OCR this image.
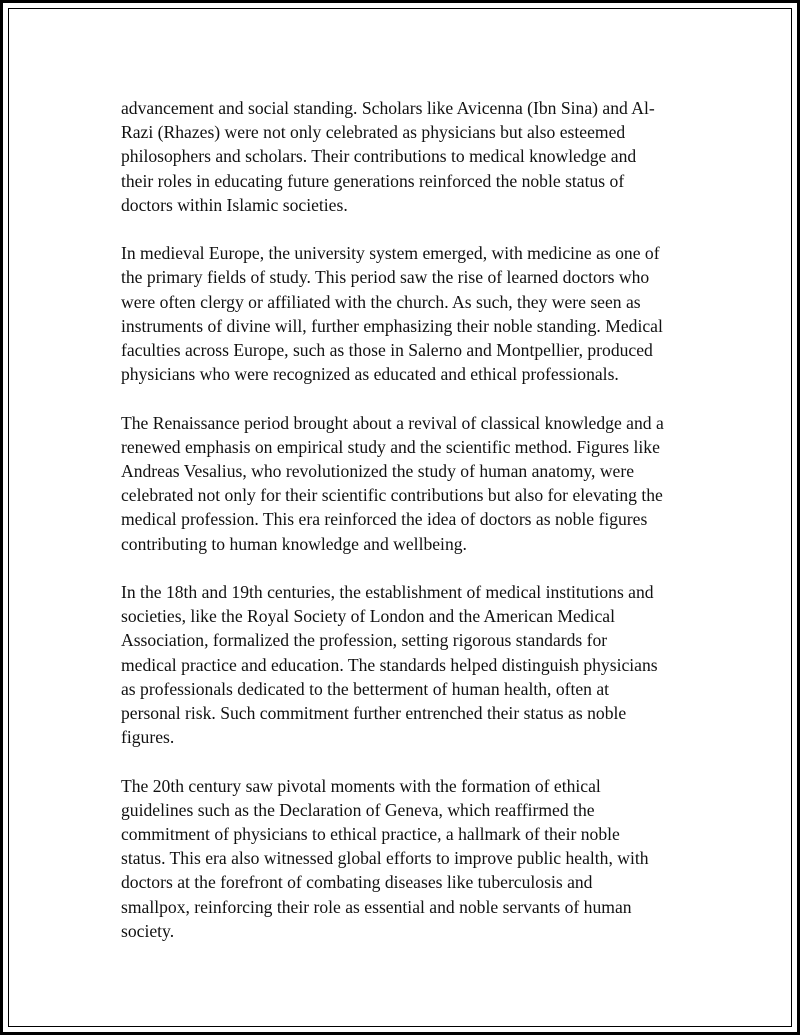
advancement and social standing. Scholars like Avicenna (Ibn Sina) and Al-
Razi (Rhazes) were not only celebrated as physicians but also esteemed
philosophers and scholars. Their contributions to medical knowledge and
their roles in educating future generations reinforced the noble status of
doctors within Islamic societies.

In medieval Europe, the university system emerged, with medicine as one of
the primary fields of study. This period saw the rise of learned doctors who
were often clergy or affiliated with the church. As such, they were seen as
instruments of divine will, further emphasizing their noble standing. Medical
faculties across Europe, such as those in Salerno and Montpellier, produced
physicians who were recognized as educated and ethical professionals.

The Renaissance period brought about a revival of classical knowledge and a
renewed emphasis on empirical study and the scientific method. Figures like
Andreas Vesalius, who revolutionized the study of human anatomy, were
celebrated not only for their scientific contributions but also for elevating the
medical profession. This era reinforced the idea of doctors as noble figures
contributing to human knowledge and wellbeing.

In the 18th and 19th centuries, the establishment of medical institutions and
societies, like the Royal Society of London and the American Medical
Association, formalized the profession, setting rigorous standards for
medical practice and education. The standards helped distinguish physicians
as professionals dedicated to the betterment of human health, often at
personal risk. Such commitment further entrenched their status as noble
figures.

The 20th century saw pivotal moments with the formation of ethical
guidelines such as the Declaration of Geneva, which reaffirmed the
commitment of physicians to ethical practice, a hallmark of their noble
status. This era also witnessed global efforts to improve public health, with
doctors at the forefront of combating diseases like tuberculosis and
smallpox, reinforcing their role as essential and noble servants of human
society.
